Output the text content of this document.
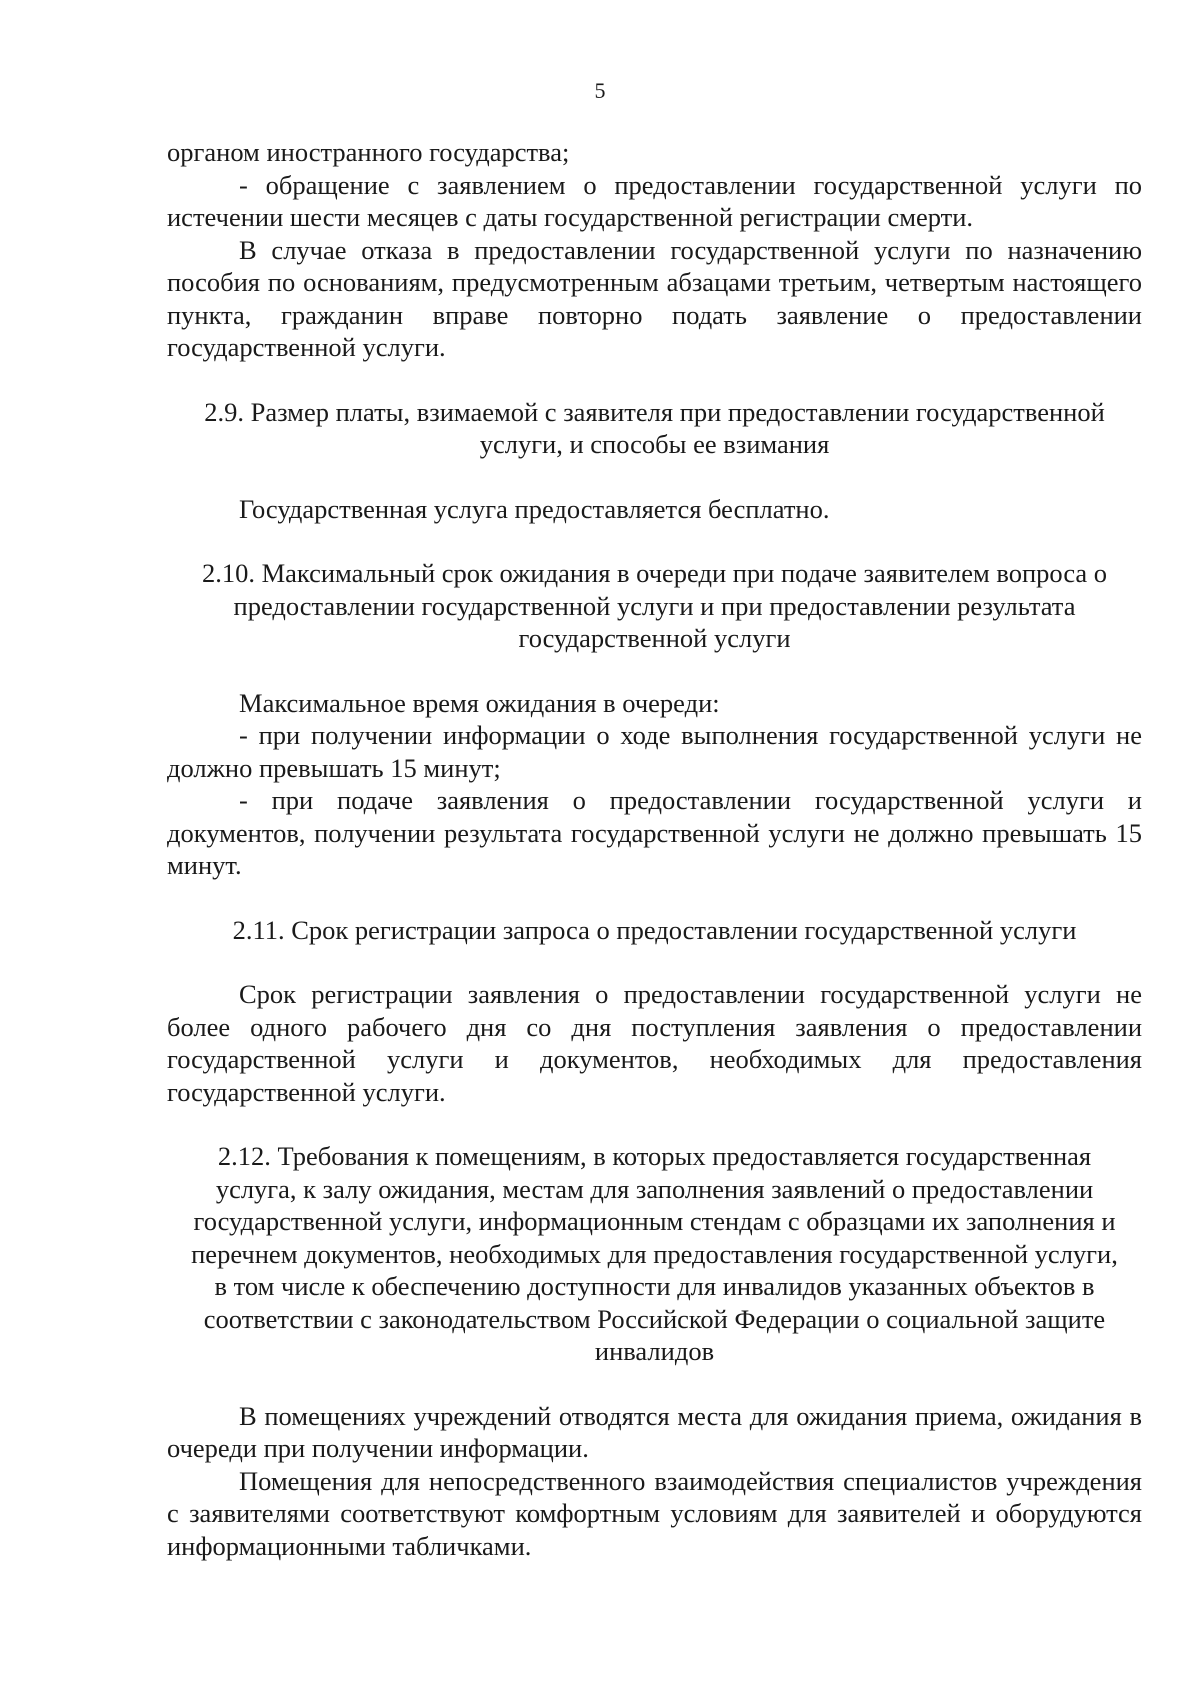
5

органом иностранного государства;

- обращение с заявлением о предоставлении государственной услуги по истечении шести месяцев с даты государственной регистрации смерти.

В случае отказа в предоставлении государственной услуги по назначению пособия по основаниям, предусмотренным абзацами третьим, четвертым настоящего пункта, гражданин вправе повторно подать заявление о предоставлении государственной услуги.

2.9. Размер платы, взимаемой с заявителя при предоставлении государственной услуги, и способы ее взимания

Государственная услуга предоставляется бесплатно.

2.10. Максимальный срок ожидания в очереди при подаче заявителем вопроса о предоставлении государственной услуги и при предоставлении результата государственной услуги

Максимальное время ожидания в очереди:

- при получении информации о ходе выполнения государственной услуги не должно превышать 15 минут;

- при подаче заявления о предоставлении государственной услуги и документов, получении результата государственной услуги не должно превышать 15 минут.

2.11. Срок регистрации запроса о предоставлении государственной услуги

Срок регистрации заявления о предоставлении государственной услуги не более одного рабочего дня со дня поступления заявления о предоставлении государственной услуги и документов, необходимых для предоставления государственной услуги.

2.12. Требования к помещениям, в которых предоставляется государственная услуга, к залу ожидания, местам для заполнения заявлений о предоставлении государственной услуги, информационным стендам с образцами их заполнения и перечнем документов, необходимых для предоставления государственной услуги, в том числе к обеспечению доступности для инвалидов указанных объектов в соответствии с законодательством Российской Федерации о социальной защите инвалидов

В помещениях учреждений отводятся места для ожидания приема, ожидания в очереди при получении информации.

Помещения для непосредственного взаимодействия специалистов учреждения с заявителями соответствуют комфортным условиям для заявителей и оборудуются информационными табличками.
